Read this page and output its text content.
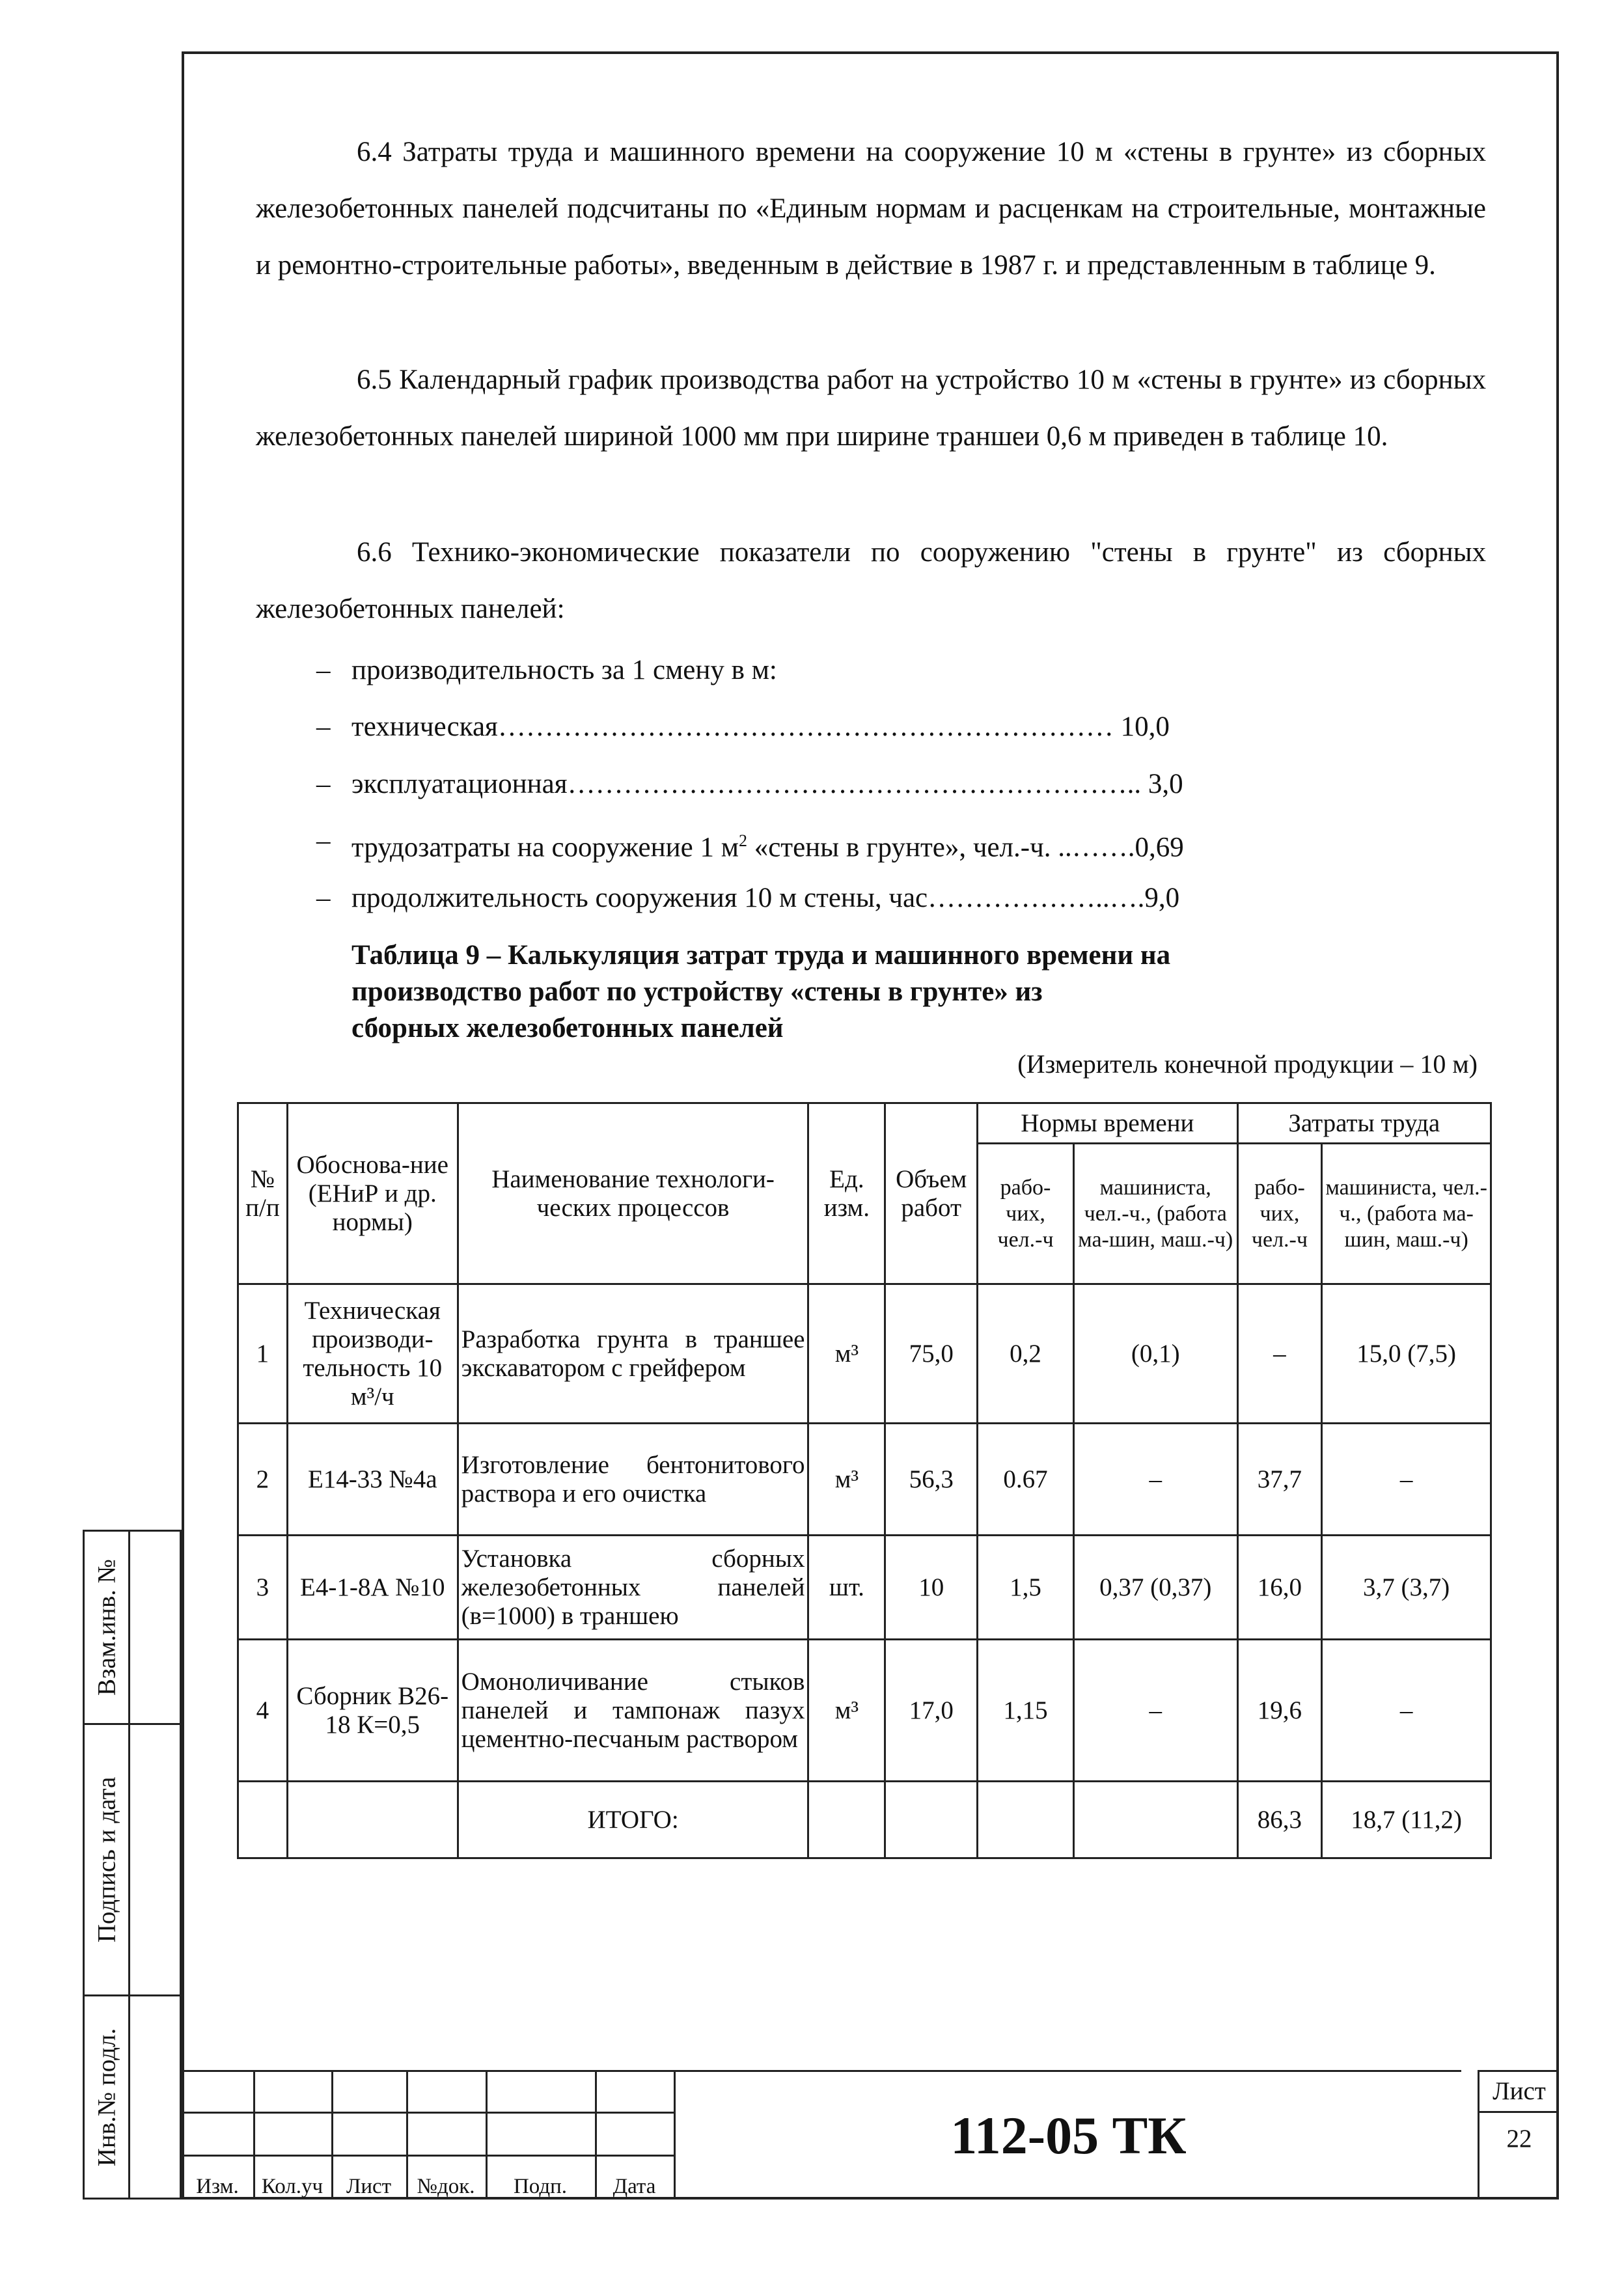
6.4 Затраты труда и машинного времени на сооружение 10 м «стены в грунте» из сборных железобетонных панелей подсчитаны по «Единым нормам и расценкам на строительные, монтажные и ремонтно-строительные работы», введенным в действие в 1987 г. и представленным в таблице 9.
6.5 Календарный график производства работ на устройство 10 м «стены в грунте» из сборных железобетонных панелей шириной 1000 мм при ширине траншеи 0,6 м приведен в таблице 10.
6.6 Технико-экономические показатели по сооружению "стены в грунте" из сборных железобетонных панелей:
– производительность за 1 смену в м:
– техническая………………………………………………………… 10,0
– эксплуатационная…………………………………………………….. 3,0
– трудозатраты на сооружение 1 $м^2$ «стены в грунте», чел.-ч. ..…….0,69
– продолжительность сооружения 10 м стены, час………………..….9,0
Таблица 9 – Калькуляция затрат труда и машинного времени на
производство работ по устройству «стены в грунте» из
сборных железобетонных панелей
(Измеритель конечной продукции – 10 м)
№ п/п	Обоснова-ние (ЕНиР и др. нормы)	Наименование технологи-ческих процессов	Ед. изм.	Объем работ	Нормы времени		Затраты труда	
					рабо-чих, чел.-ч	машиниста, чел.-ч., (работа ма-шин, маш.-ч)	рабо-чих, чел.-ч	машиниста, чел.-ч., (работа ма-шин, маш.-ч)
1	Техническая производи-тельность 10 м³/ч	Разработка грунта в траншее экскаватором с грейфером	м³	75,0	0,2	(0,1)	–	15,0 (7,5)
2	Е14-33 №4а	Изготовление бентонитового раствора и его очистка	м³	56,3	0.67	–	37,7	–
3	Е4-1-8А №10	Установка сборных железобетонных панелей (в=1000) в траншею	шт.	10	1,5	0,37 (0,37)	16,0	3,7 (3,7)
4	Сборник В26-18 К=0,5	Омоноличивание стыков панелей и тампонаж пазух цементно-песчаным раствором	м³	17,0	1,15	–	19,6	–
		ИТОГО:					86,3	18,7 (11,2)
Взам.инв. №
Подпись и дата
Инв.№ подл.
Изм.	Кол.уч	Лист	№док.	Подп.	Дата
112-05 ТК
Лист
22
